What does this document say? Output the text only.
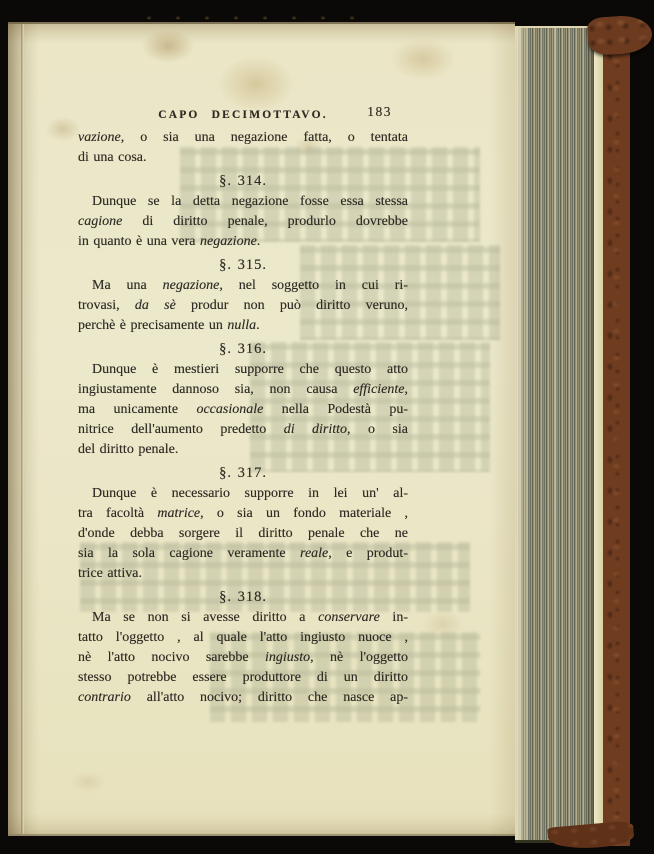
CAPO DECIMOTTAVO.	183
vazione, o sia una negazione fatta, o tentata
di una cosa.
§. 314.
Dunque se la detta negazione fosse essa stessa
cagione di diritto penale, produrlo dovrebbe
in quanto è una vera negazione.
§. 315.
Ma una negazione, nel soggetto in cui ri-
trovasi, da sè produr non può diritto veruno,
perchè è precisamente un nulla.
§. 316.
Dunque è mestieri supporre che questo atto
ingiustamente dannoso sia, non causa efficiente,
ma unicamente occasionale nella Podestà pu-
nitrice dell'aumento predetto di diritto, o sia
del diritto penale.
§. 317.
Dunque è necessario supporre in lei un' al-
tra facoltà matrice, o sia un fondo materiale ,
d'onde debba sorgere il diritto penale che ne
sia la sola cagione veramente reale, e produt-
trice attiva.
§. 318.
Ma se non si avesse diritto a conservare in-
tatto l'oggetto , al quale l'atto ingiusto nuoce ,
nè l'atto nocivo sarebbe ingiusto, nè l'oggetto
stesso potrebbe essere produttore di un diritto
contrario all'atto nocivo; diritto che nasce ap-
